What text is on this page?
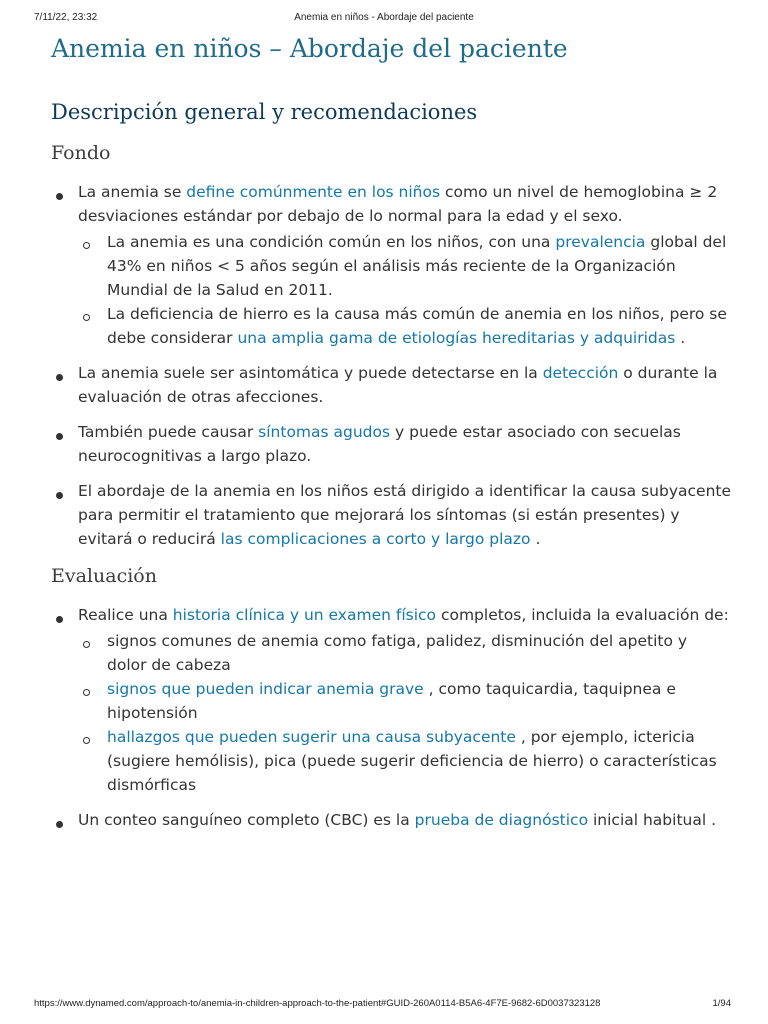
7/11/22, 23:32	Anemia en niños - Abordaje del paciente
Anemia en niños – Abordaje del paciente
Descripción general y recomendaciones
Fondo
La anemia se define comúnmente en los niños como un nivel de hemoglobina ≥ 2 desviaciones estándar por debajo de lo normal para la edad y el sexo.
La anemia es una condición común en los niños, con una prevalencia global del 43% en niños < 5 años según el análisis más reciente de la Organización Mundial de la Salud en 2011.
La deficiencia de hierro es la causa más común de anemia en los niños, pero se debe considerar una amplia gama de etiologías hereditarias y adquiridas .
La anemia suele ser asintomática y puede detectarse en la detección o durante la evaluación de otras afecciones.
También puede causar síntomas agudos y puede estar asociado con secuelas neurocognitivas a largo plazo.
El abordaje de la anemia en los niños está dirigido a identificar la causa subyacente para permitir el tratamiento que mejorará los síntomas (si están presentes) y evitará o reducirá las complicaciones a corto y largo plazo .
Evaluación
Realice una historia clínica y un examen físico completos, incluida la evaluación de:
signos comunes de anemia como fatiga, palidez, disminución del apetito y dolor de cabeza
signos que pueden indicar anemia grave , como taquicardia, taquipnea e hipotensión
hallazgos que pueden sugerir una causa subyacente , por ejemplo, ictericia (sugiere hemólisis), pica (puede sugerir deficiencia de hierro) o características dismórficas
Un conteo sanguíneo completo (CBC) es la prueba de diagnóstico inicial habitual .
https://www.dynamed.com/approach-to/anemia-in-children-approach-to-the-patient#GUID-260A0114-B5A6-4F7E-9682-6D0037323128	1/94
